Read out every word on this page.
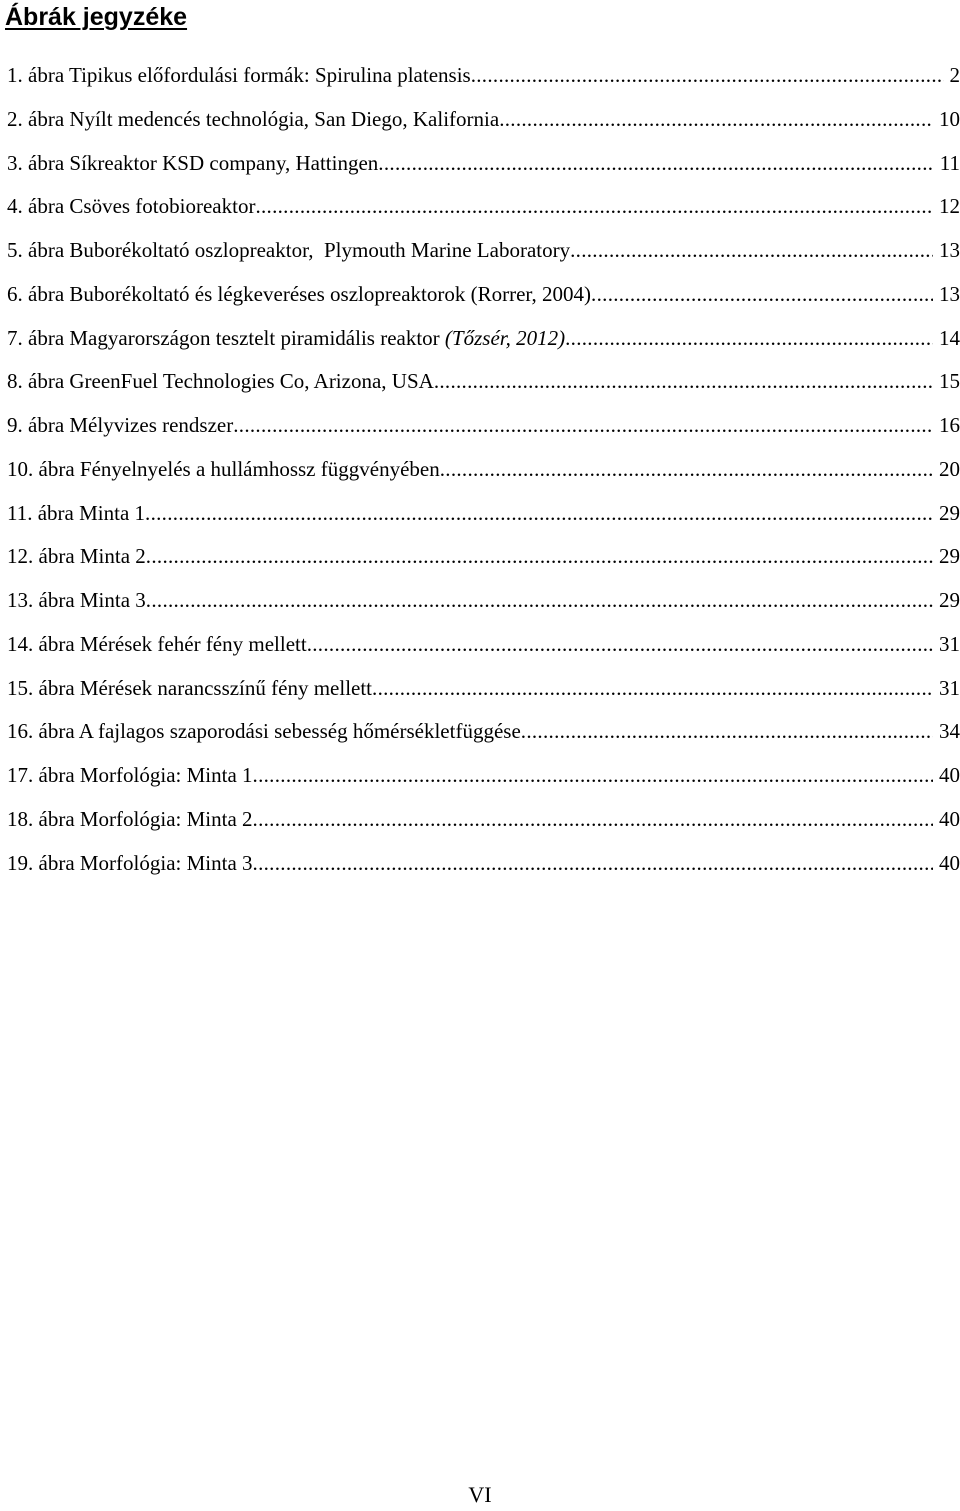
Ábrák jegyzéke
1. ábra Tipikus előfordulási formák: Spirulina platensis .....	2
2. ábra Nyílt medencés technológia, San Diego, Kalifornia .....	10
3. ábra Síkreaktor KSD company, Hattingen .....	11
4. ábra Csöves fotobioreaktor .....	12
5. ábra Buborékoltató oszlopreaktor,  Plymouth Marine Laboratory .....	13
6. ábra Buborékoltató és légkeveréses oszlopreaktorok (Rorrer, 2004) .....	13
7. ábra Magyarországon tesztelt piramidális reaktor (Tőzsér, 2012) .....	14
8. ábra GreenFuel Technologies Co, Arizona, USA .....	15
9. ábra Mélyvizes rendszer .....	16
10. ábra Fényelnyelés a hullámhossz függvényében .....	20
11. ábra Minta 1 .....	29
12. ábra Minta 2 .....	29
13. ábra Minta 3 .....	29
14. ábra Mérések fehér fény mellett .....	31
15. ábra Mérések narancsszínű fény mellett .....	31
16. ábra A fajlagos szaporodási sebesség hőmérsékletfüggése .....	34
17. ábra Morfológia: Minta 1 .....	40
18. ábra Morfológia: Minta 2 .....	40
19. ábra Morfológia: Minta 3 .....	40
VI
